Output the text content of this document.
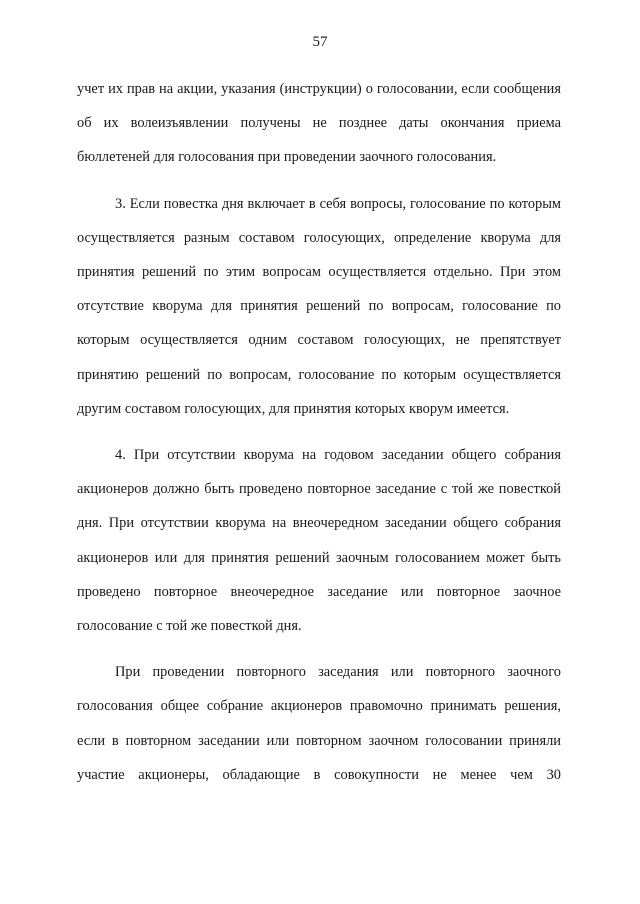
57

учет их прав на акции, указания (инструкции) о голосовании, если сообщения об их волеизъявлении получены не позднее даты окончания приема бюллетеней для голосования при проведении заочного голосования.

3. Если повестка дня включает в себя вопросы, голосование по которым осуществляется разным составом голосующих, определение кворума для принятия решений по этим вопросам осуществляется отдельно. При этом отсутствие кворума для принятия решений по вопросам, голосование по которым осуществляется одним составом голосующих, не препятствует принятию решений по вопросам, голосование по которым осуществляется другим составом голосующих, для принятия которых кворум имеется.

4. При отсутствии кворума на годовом заседании общего собрания акционеров должно быть проведено повторное заседание с той же повесткой дня. При отсутствии кворума на внеочередном заседании общего собрания акционеров или для принятия решений заочным голосованием может быть проведено повторное внеочередное заседание или повторное заочное голосование с той же повесткой дня.

При проведении повторного заседания или повторного заочного голосования общее собрание акционеров правомочно принимать решения, если в повторном заседании или повторном заочном голосовании приняли участие акционеры, обладающие в совокупности не менее чем 30
